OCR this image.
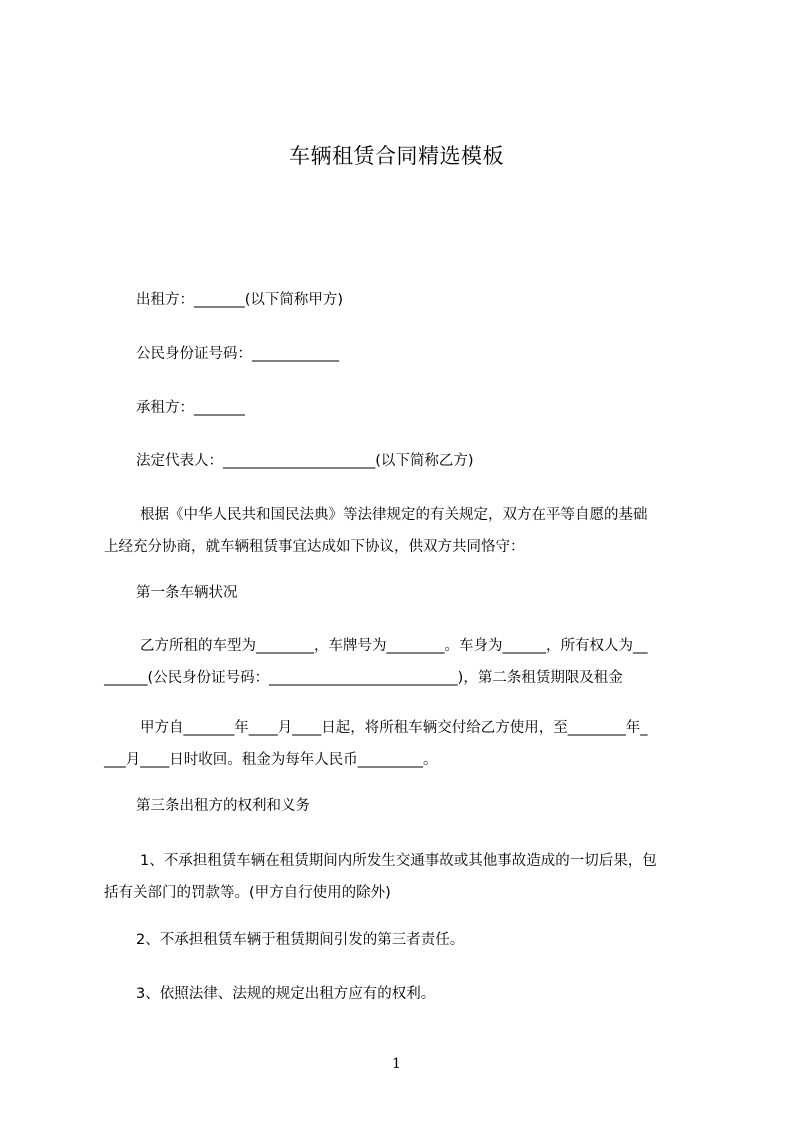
车辆租赁合同精选模板
出租方：_______(以下简称甲方)
公民身份证号码：____________
承租方：_______
法定代表人：_____________________(以下简称乙方)
根据《中华人民共和国民法典》等法律规定的有关规定，双方在平等自愿的基础
上经充分协商，就车辆租赁事宜达成如下协议，供双方共同恪守：
第一条车辆状况
乙方所租的车型为________，车牌号为________。车身为______，所有权人为__
______(公民身份证号码：__________________________)，第二条租赁期限及租金
甲方自_______年____月____日起，将所租车辆交付给乙方使用，至________年_
___月____日时收回。租金为每年人民币_________。
第三条出租方的权利和义务
1、不承担租赁车辆在租赁期间内所发生交通事故或其他事故造成的一切后果，包
括有关部门的罚款等。(甲方自行使用的除外)
2、不承担租赁车辆于租赁期间引发的第三者责任。
3、依照法律、法规的规定出租方应有的权利。
1
